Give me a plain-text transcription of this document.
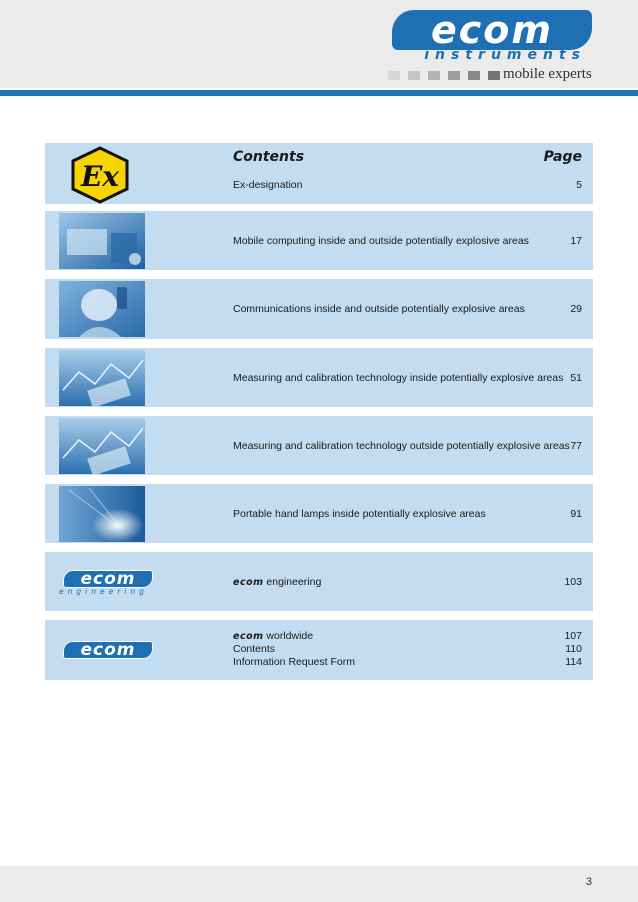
ecom
instruments
mobile experts
Ex
Contents	Page
Ex-designation	5
Mobile computing inside and outside potentially explosive areas	17
Communications inside and outside potentially explosive areas	29
Measuring and calibration technology inside potentially explosive areas 51
Measuring and calibration technology outside potentially explosive areas 77
Portable hand lamps inside potentially explosive areas	91
ecom
engineering
ecom engineering	103
ecom
ecom worldwide	107
Contents	110
Information Request Form	114
3
